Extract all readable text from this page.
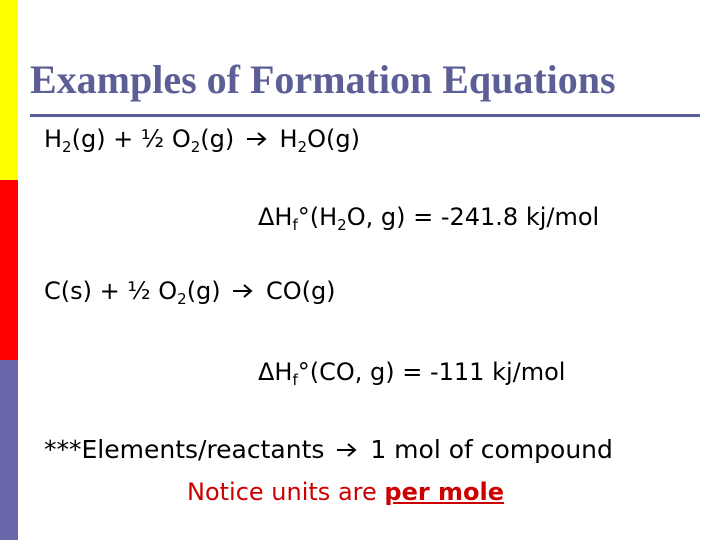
Examples of Formation Equations
$H_2(g)$ + ½ $O_2(g)$ $H_2O(g)$
$\Delta H_f^\circ(H_2O$, g) = -241.8 kj/mol
C(s) + ½ $O_2(g)$ CO(g)
$\Delta H_f^\circ(CO$, g) = -111 kj/mol
***Elements/reactants 1 mol of compound
Notice units are per mole
